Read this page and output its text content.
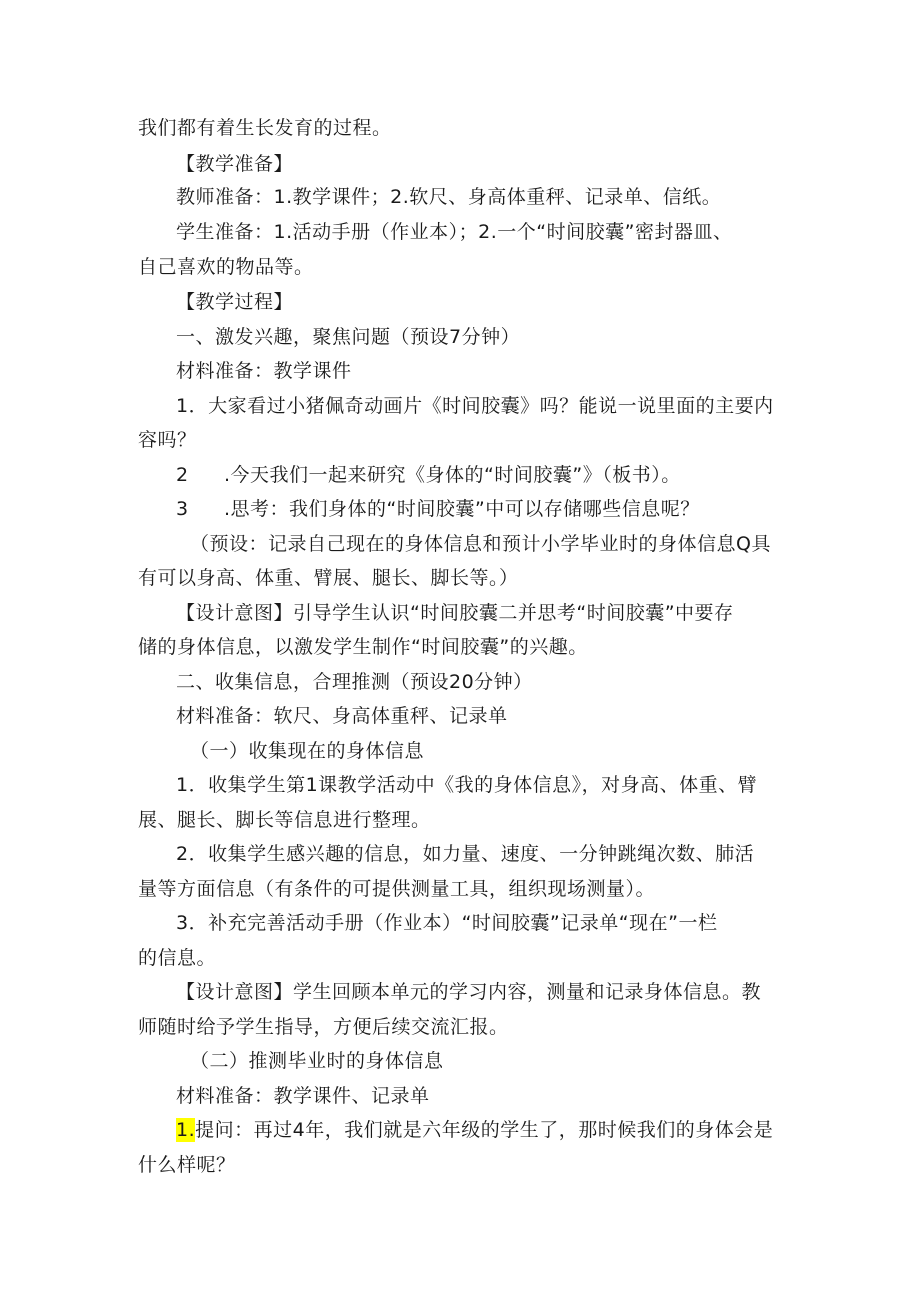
我们都有着生长发育的过程。
【教学准备】
教师准备：1.教学课件；2.软尺、身高体重秤、记录单、信纸。
学生准备：1.活动手册（作业本）；2.一个“时间胶囊”密封器皿、
自己喜欢的物品等。
【教学过程】
一、激发兴趣，聚焦问题（预设7分钟）
材料准备：教学课件
1．大家看过小猪佩奇动画片《时间胶囊》吗？能说一说里面的主要内
容吗？
2 .今天我们一起来研究《身体的“时间胶囊”》（板书）。
3 .思考：我们身体的“时间胶囊”中可以存储哪些信息呢？
（预设：记录自己现在的身体信息和预计小学毕业时的身体信息Q具
有可以身高、体重、臂展、腿长、脚长等。）
【设计意图】引导学生认识“时间胶囊二并思考“时间胶囊”中要存
储的身体信息，以激发学生制作“时间胶囊”的兴趣。
二、收集信息，合理推测（预设20分钟）
材料准备：软尺、身高体重秤、记录单
（一）收集现在的身体信息
1．收集学生第1课教学活动中《我的身体信息》，对身高、体重、臂
展、腿长、脚长等信息进行整理。
2．收集学生感兴趣的信息，如力量、速度、一分钟跳绳次数、肺活
量等方面信息（有条件的可提供测量工具，组织现场测量）。
3．补充完善活动手册（作业本）“时间胶囊”记录单“现在”一栏
的信息。
【设计意图】学生回顾本单元的学习内容，测量和记录身体信息。教
师随时给予学生指导，方便后续交流汇报。
（二）推测毕业时的身体信息
材料准备：教学课件、记录单
1.提问：再过4年，我们就是六年级的学生了，那时候我们的身体会是
什么样呢？
